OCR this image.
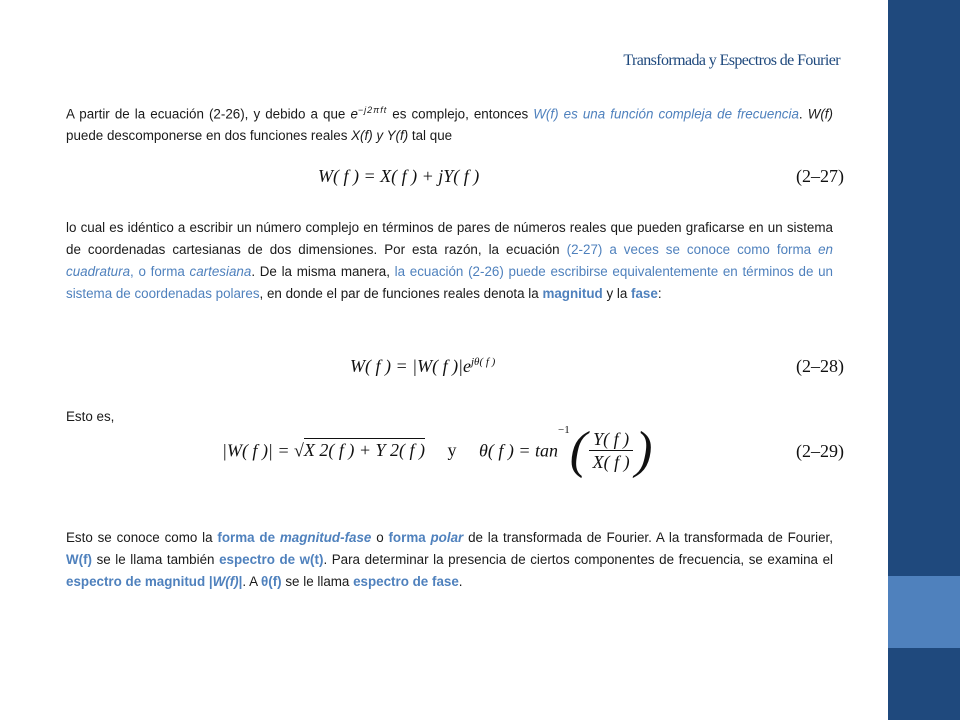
Transformada y Espectros de Fourier

A partir de la ecuación (2-26), y debido a que $e^{-j2\pi ft}$ es complejo, entonces W(f) es una función compleja de frecuencia. W(f) puede descomponerse en dos funciones reales X(f) y Y(f) tal que

W( f ) = X( f ) + jY( f )	(2–27)

lo cual es idéntico a escribir un número complejo en términos de pares de números reales que pueden graficarse en un sistema de coordenadas cartesianas de dos dimensiones. Por esta razón, la ecuación (2-27) a veces se conoce como forma en cuadratura, o forma cartesiana. De la misma manera, la ecuación (2-26) puede escribirse equivalentemente en términos de un sistema de coordenadas polares, en donde el par de funciones reales denota la magnitud y la fase:

W( f ) = |W( f )$|e^{j\theta( f )}$	(2–28)
Esto es,
|W( f )| = √X 2( f ) + Y 2( f ) y θ( f ) = $\tan^{-1}( \frac{Y( f )}{X( f )}$ )	(2–29)

Esto se conoce como la forma de magnitud-fase o forma polar de la transformada de Fourier. A la transformada de Fourier, W(f) se le llama también espectro de w(t). Para determinar la presencia de ciertos componentes de frecuencia, se examina el espectro de magnitud |W(f)|. A θ(f) se le llama espectro de fase.
